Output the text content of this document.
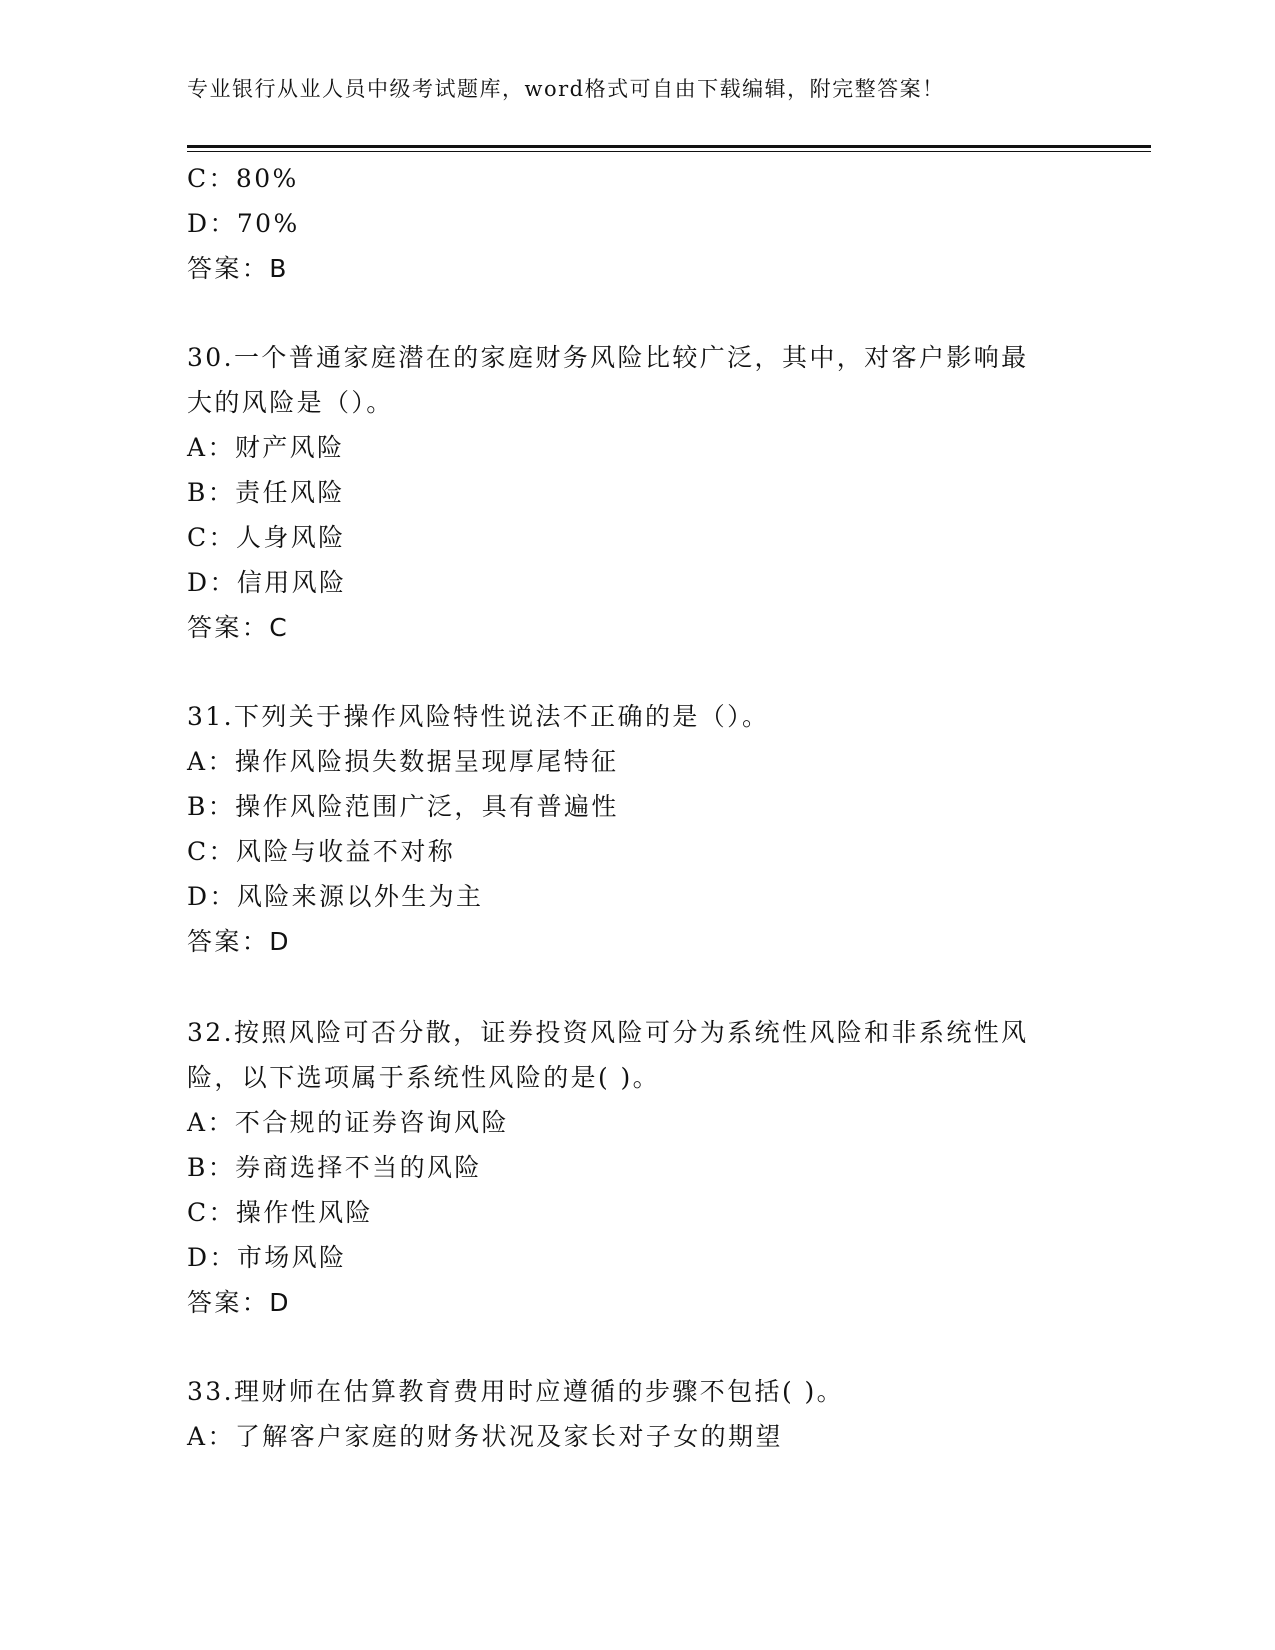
专业银行从业人员中级考试题库，word格式可自由下载编辑，附完整答案！
C：80%
D：70%
答案：B
30.一个普通家庭潜在的家庭财务风险比较广泛，其中，对客户影响最
大的风险是（）。
A：财产风险
B：责任风险
C：人身风险
D：信用风险
答案：C
31.下列关于操作风险特性说法不正确的是（）。
A：操作风险损失数据呈现厚尾特征
B：操作风险范围广泛，具有普遍性
C：风险与收益不对称
D：风险来源以外生为主
答案：D
32.按照风险可否分散，证券投资风险可分为系统性风险和非系统性风
险，以下选项属于系统性风险的是( )。
A：不合规的证券咨询风险
B：券商选择不当的风险
C：操作性风险
D：市场风险
答案：D
33.理财师在估算教育费用时应遵循的步骤不包括( )。
A：了解客户家庭的财务状况及家长对子女的期望
